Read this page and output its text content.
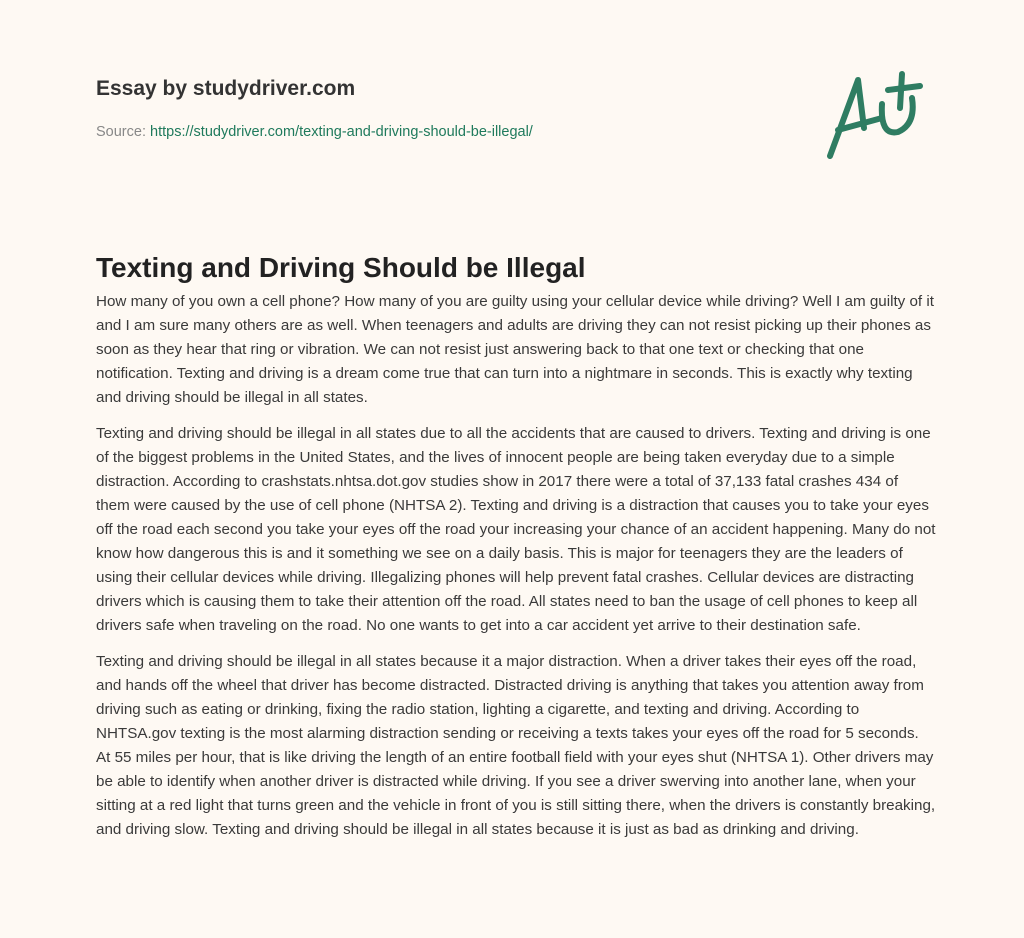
Essay by studydriver.com
Source: https://studydriver.com/texting-and-driving-should-be-illegal/
Texting and Driving Should be Illegal

How many of you own a cell phone? How many of you are guilty using your cellular device while driving? Well I am guilty of it and I am sure many others are as well. When teenagers and adults are driving they can not resist picking up their phones as soon as they hear that ring or vibration. We can not resist just answering back to that one text or checking that one notification. Texting and driving is a dream come true that can turn into a nightmare in seconds. This is exactly why texting and driving should be illegal in all states.

Texting and driving should be illegal in all states due to all the accidents that are caused to drivers. Texting and driving is one of the biggest problems in the United States, and the lives of innocent people are being taken everyday due to a simple distraction. According to crashstats.nhtsa.dot.gov studies show in 2017 there were a total of 37,133 fatal crashes 434 of them were caused by the use of cell phone (NHTSA 2). Texting and driving is a distraction that causes you to take your eyes off the road each second you take your eyes off the road your increasing your chance of an accident happening. Many do not know how dangerous this is and it something we see on a daily basis. This is major for teenagers they are the leaders of using their cellular devices while driving. Illegalizing phones will help prevent fatal crashes. Cellular devices are distracting drivers which is causing them to take their attention off the road. All states need to ban the usage of cell phones to keep all drivers safe when traveling on the road. No one wants to get into a car accident yet arrive to their destination safe.

Texting and driving should be illegal in all states because it a major distraction. When a driver takes their eyes off the road, and hands off the wheel that driver has become distracted. Distracted driving is anything that takes you attention away from driving such as eating or drinking, fixing the radio station, lighting a cigarette, and texting and driving. According to NHTSA.gov texting is the most alarming distraction sending or receiving a texts takes your eyes off the road for 5 seconds. At 55 miles per hour, that is like driving the length of an entire football field with your eyes shut (NHTSA 1). Other drivers may be able to identify when another driver is distracted while driving. If you see a driver swerving into another lane, when your sitting at a red light that turns green and the vehicle in front of you is still sitting there, when the drivers is constantly breaking, and driving slow. Texting and driving should be illegal in all states because it is just as bad as drinking and driving.
